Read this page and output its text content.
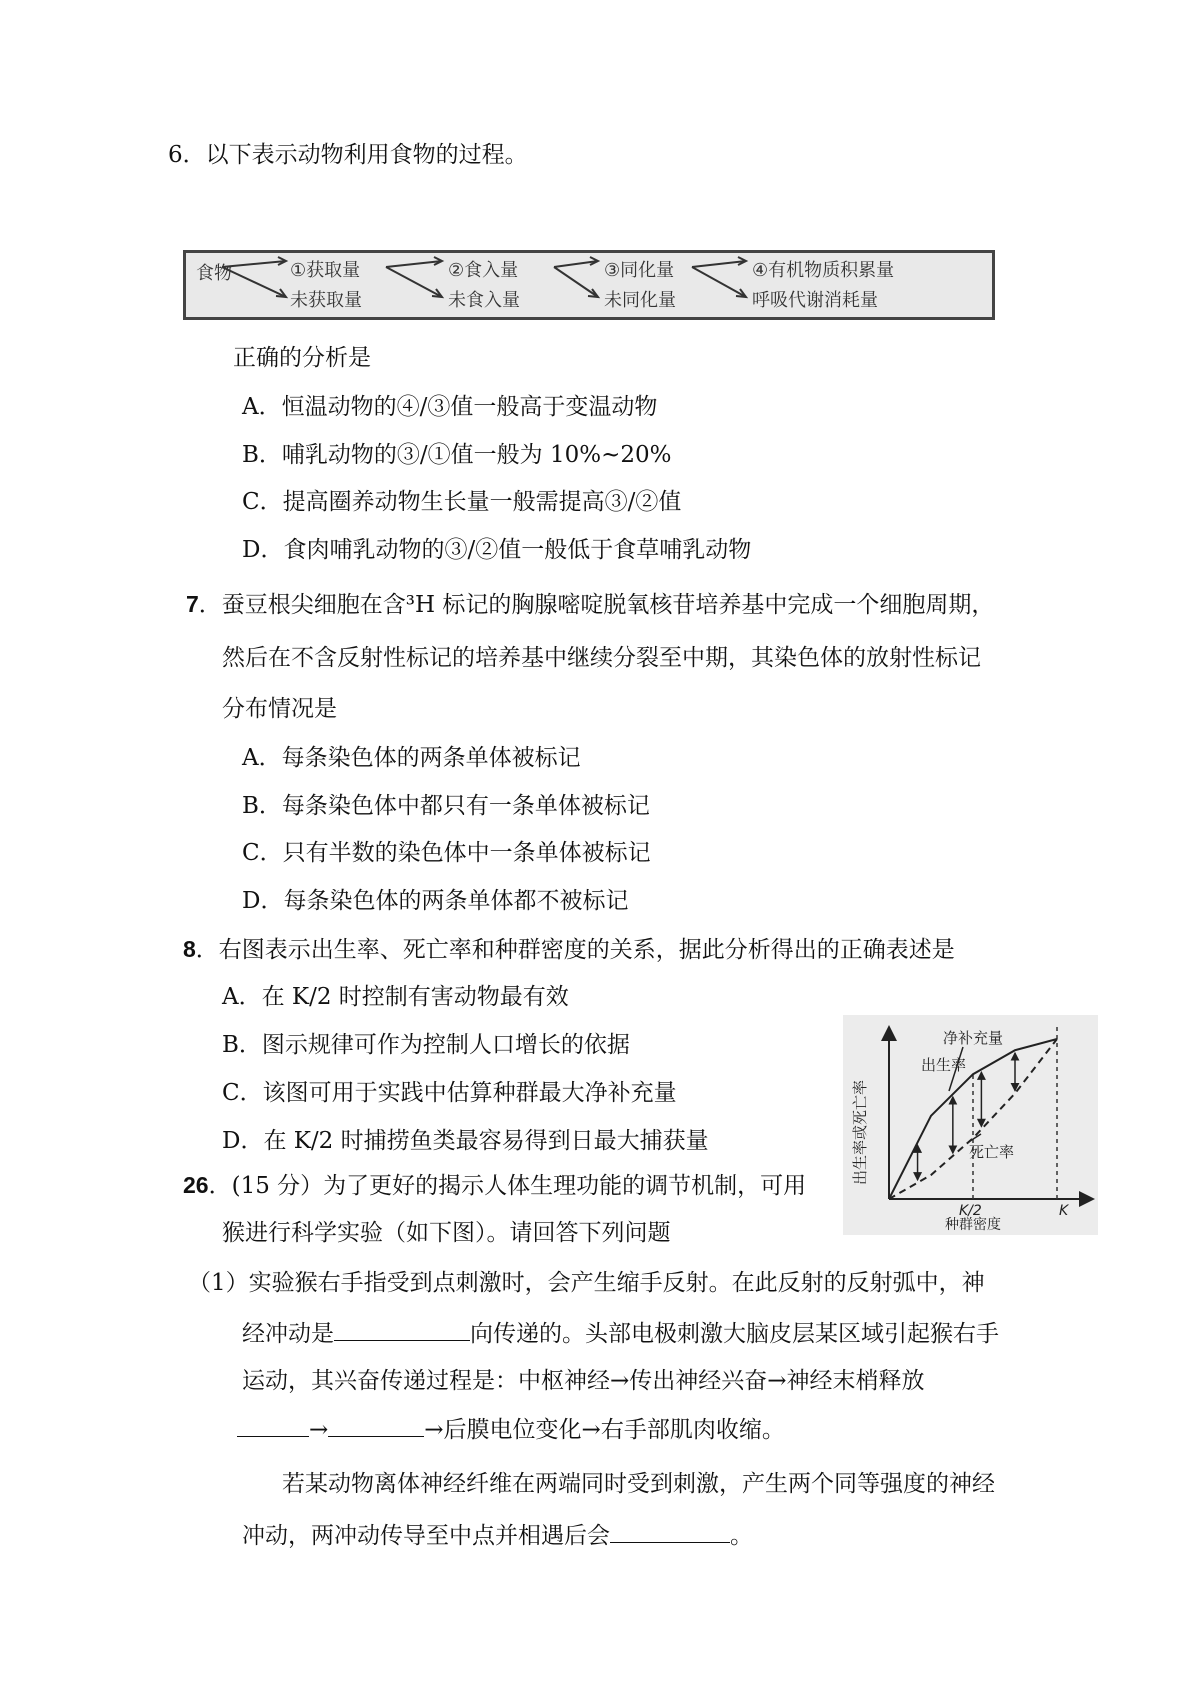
6．以下表示动物利用食物的过程。
食物	①获取量
未获取量
②食入量
未食入量
③同化量
未同化量
④有机物质积累量
呼吸代谢消耗量
正确的分析是
A．恒温动物的④/③值一般高于变温动物
B．哺乳动物的③/①值一般为 10%~20%
C．提高圈养动物生长量一般需提高③/②值
D．食肉哺乳动物的③/②值一般低于食草哺乳动物
7．蚕豆根尖细胞在含³H 标记的胸腺嘧啶脱氧核苷培养基中完成一个细胞周期，
然后在不含反射性标记的培养基中继续分裂至中期，其染色体的放射性标记
分布情况是
A．每条染色体的两条单体被标记
B．每条染色体中都只有一条单体被标记
C．只有半数的染色体中一条单体被标记
D．每条染色体的两条单体都不被标记
8．右图表示出生率、死亡率和种群密度的关系，据此分析得出的正确表述是
A．在 K/2 时控制有害动物最有效
B．图示规律可作为控制人口增长的依据
C．该图可用于实践中估算种群最大净补充量
D．在 K/2 时捕捞鱼类最容易得到日最大捕获量	出生率或死亡率
种群密度
K/2	K
出生率
死亡率
净补充量
26．(15 分）为了更好的揭示人体生理功能的调节机制，可用
猴进行科学实验（如下图）。请回答下列问题
（1）实验猴右手指受到点刺激时，会产生缩手反射。在此反射的反射弧中，神
经冲动是	向传递的。头部电极刺激大脑皮层某区域引起猴右手
运动，其兴奋传递过程是：中枢神经→传出神经兴奋→神经末梢释放
→	→后膜电位变化→右手部肌肉收缩。
若某动物离体神经纤维在两端同时受到刺激，产生两个同等强度的神经
冲动，两冲动传导至中点并相遇后会	。
